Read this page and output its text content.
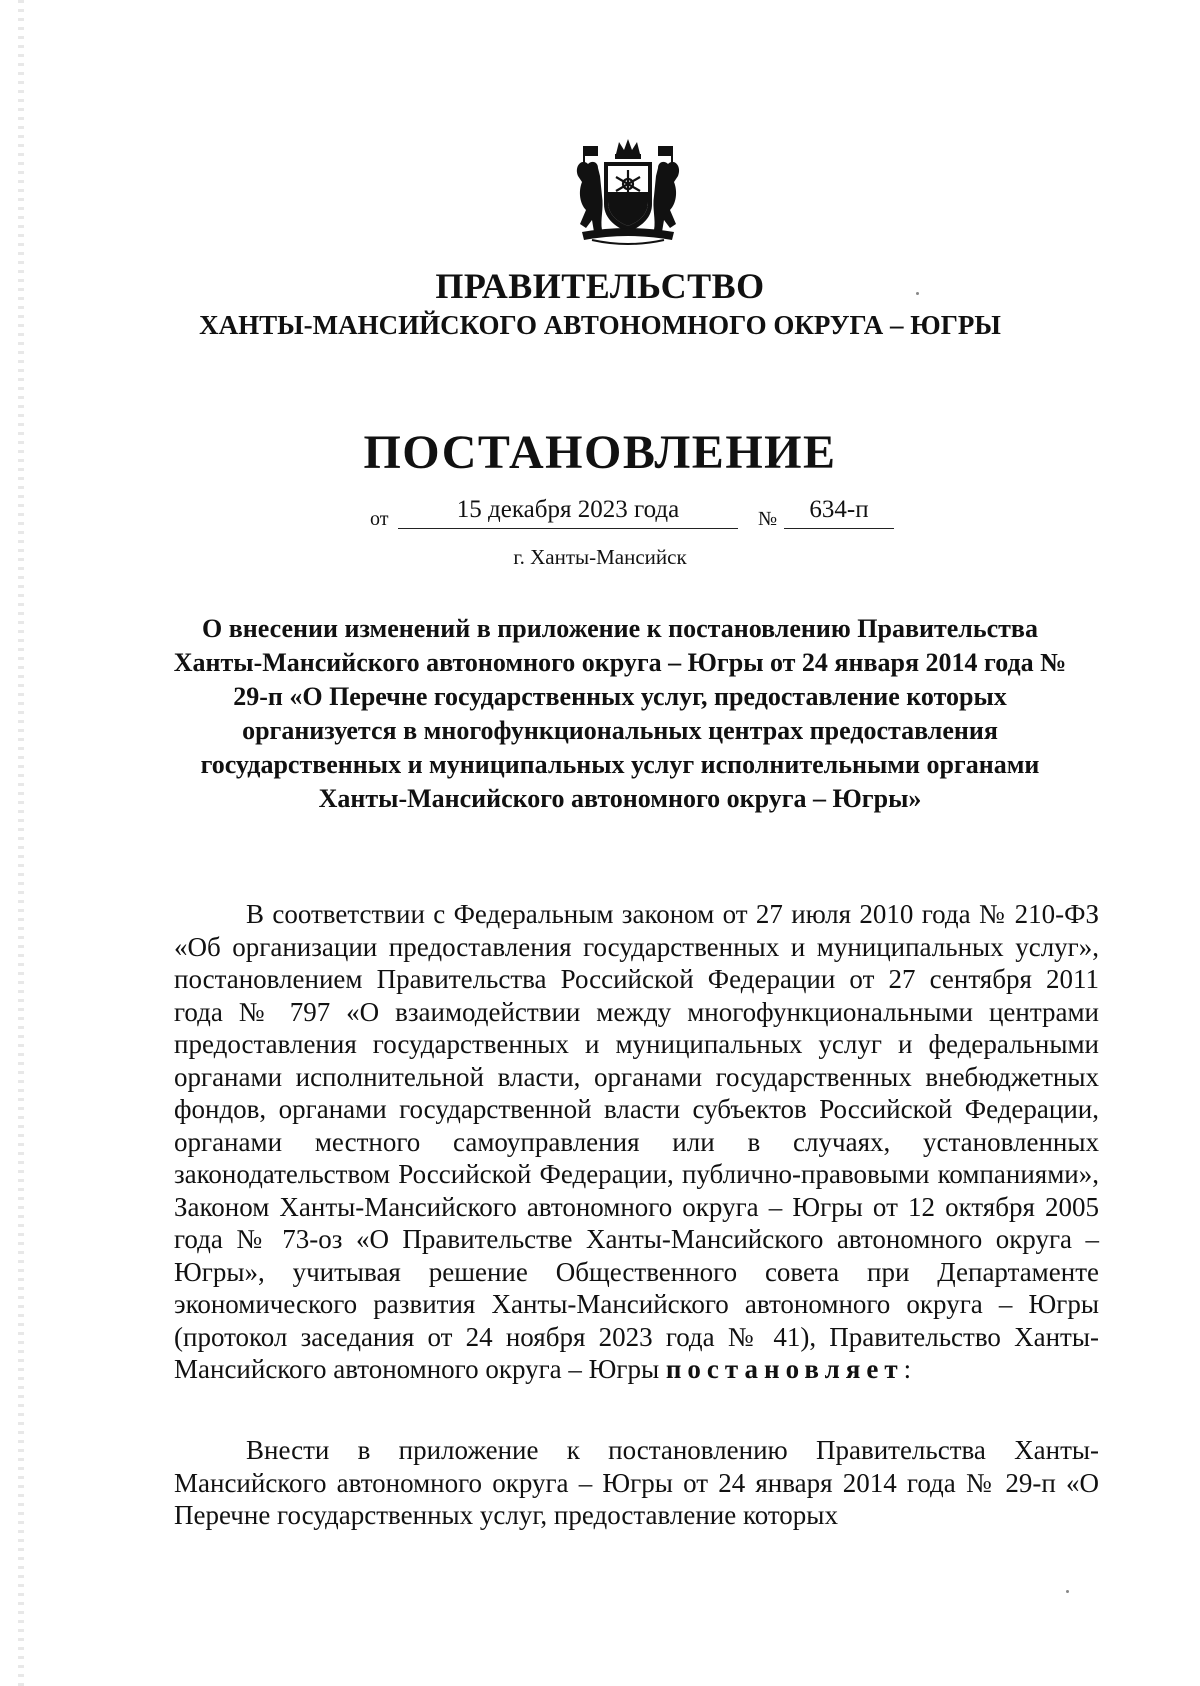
ПРАВИТЕЛЬСТВО
ХАНТЫ-МАНСИЙСКОГО АВТОНОМНОГО ОКРУГА – ЮГРЫ
ПОСТАНОВЛЕНИЕ
от	15 декабря 2023 года	№	634-п
г. Ханты-Мансийск
О внесении изменений в приложение к постановлению Правительства Ханты-Мансийского автономного округа – Югры от 24 января 2014 года № 29-п «О Перечне государственных услуг, предоставление которых организуется в многофункциональных центрах предоставления государственных и муниципальных услуг исполнительными органами Ханты-Мансийского автономного округа – Югры»
В соответствии с Федеральным законом от 27 июля 2010 года № 210-ФЗ «Об организации предоставления государственных и муниципальных услуг», постановлением Правительства Российской Федерации от 27 сентября 2011 года № 797 «О взаимодействии между многофункциональными центрами предоставления государственных и муниципальных услуг и федеральными органами исполнительной власти, органами государственных внебюджетных фондов, органами государственной власти субъектов Российской Федерации, органами местного самоуправления или в случаях, установленных законодательством Российской Федерации, публично-правовыми компаниями», Законом Ханты-Мансийского автономного округа – Югры от 12 октября 2005 года № 73-оз «О Правительстве Ханты-Мансийского автономного округа – Югры», учитывая решение Общественного совета при Департаменте экономического развития Ханты-Мансийского автономного округа – Югры (протокол заседания от 24 ноября 2023 года № 41), Правительство Ханты-Мансийского автономного округа – Югры постановляет:
Внести в приложение к постановлению Правительства Ханты-Мансийского автономного округа – Югры от 24 января 2014 года № 29-п «О Перечне государственных услуг, предоставление которых
